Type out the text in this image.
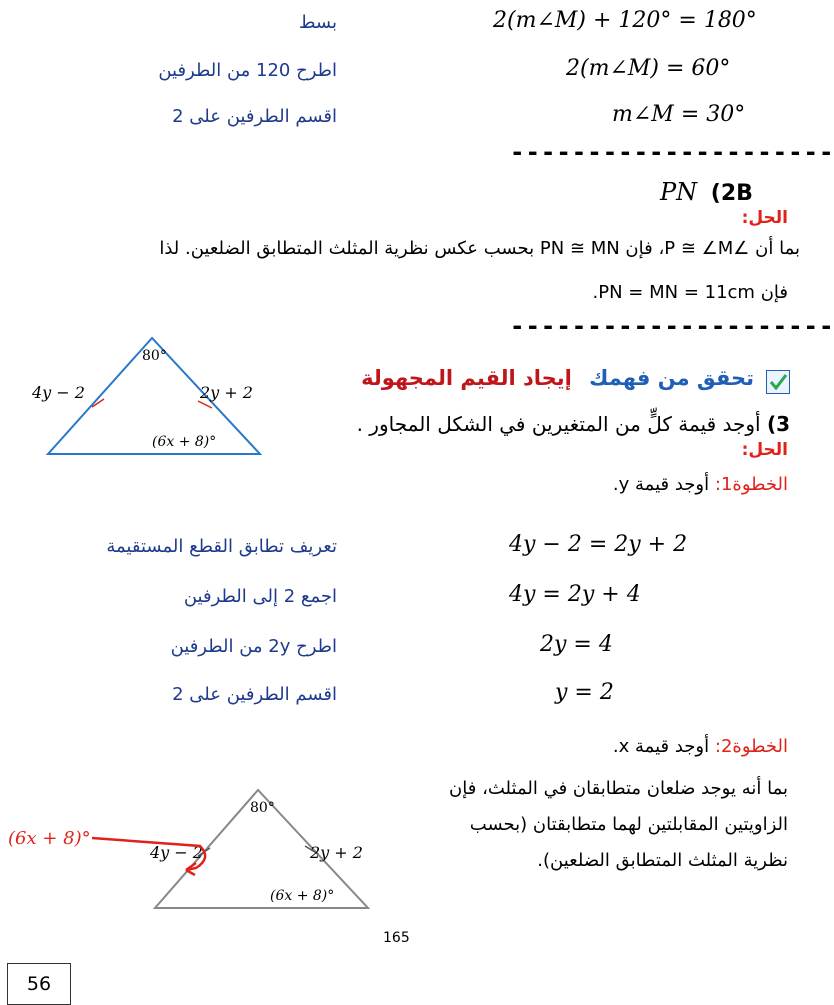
2(m∠M) + 120° = 180°
بسط
2(m∠M) = 60°
اطرح 120 من الطرفين
m∠M = 30°
اقسم الطرفين على 2
---------------------
PN (2B
الحل:
بما أن ∠P ≅ ∠M، فإن PN ≅ MN بحسب عكس نظرية المثلث المتطابق الضلعين. لذا
فإن PN = MN = 11cm.
---------------------
4y − 2	2y + 2
80°
(6x + 8)°
تحقق من فهمك إيجاد القيم المجهولة
3) أوجد قيمة كلٍّ من المتغيرين في الشكل المجاور .
الحل:
الخطوة1: أوجد قيمة y.
4y − 2 = 2y + 2
تعريف تطابق القطع المستقيمة
4y = 2y + 4
اجمع 2 إلى الطرفين
2y = 4
اطرح 2y من الطرفين
y = 2
اقسم الطرفين على 2
الخطوة2: أوجد قيمة x.
بما أنه يوجد ضلعان متطابقان في المثلث، فإن
الزاويتين المقابلتين لهما متطابقتان (بحسب
نظرية المثلث المتطابق الضلعين).
4y − 2	2y + 2
80°
(6x + 8)°
(6x + 8)°
165
56
